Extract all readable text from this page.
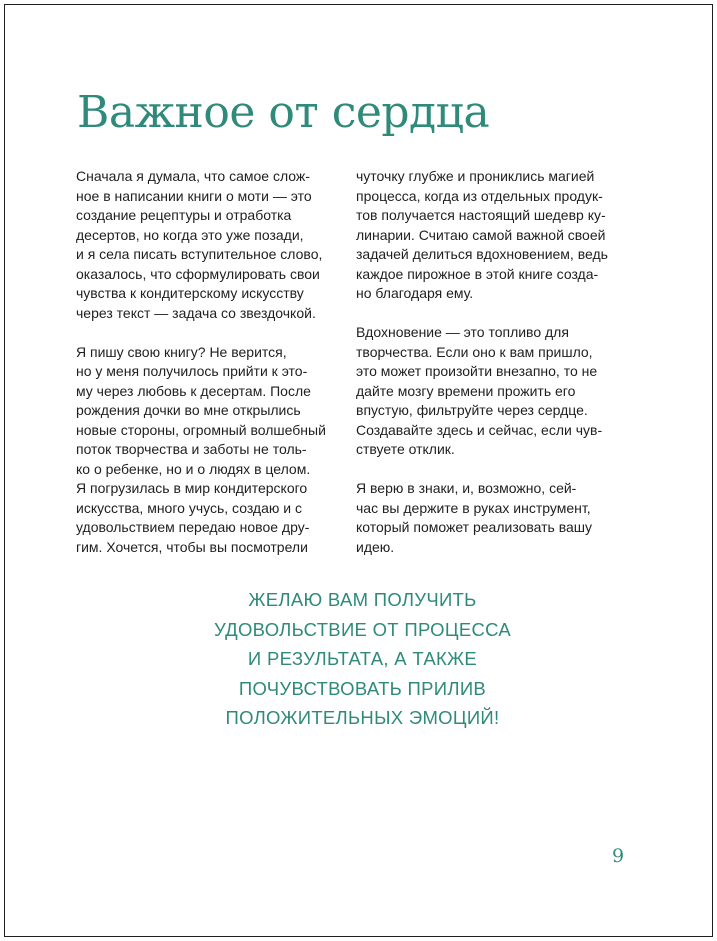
Важное от сердца

Сначала я думала, что самое слож-
ное в написании книги о моти — это
создание рецептуры и отработка
десертов, но когда это уже позади,
и я села писать вступительное слово,
оказалось, что сформулировать свои
чувства к кондитерскому искусству
через текст — задача со звездочкой.

Я пишу свою книгу? Не верится,
но у меня получилось прийти к это-
му через любовь к десертам. После
рождения дочки во мне открылись
новые стороны, огромный волшебный
поток творчества и заботы не толь-
ко о ребенке, но и о людях в целом.
Я погрузилась в мир кондитерского
искусства, много учусь, создаю и с
удовольствием передаю новое дру-
гим. Хочется, чтобы вы посмотрели

чуточку глубже и прониклись магией
процесса, когда из отдельных продук-
тов получается настоящий шедевр ку-
линарии. Считаю самой важной своей
задачей делиться вдохновением, ведь
каждое пирожное в этой книге созда-
но благодаря ему.

Вдохновение — это топливо для
творчества. Если оно к вам пришло,
это может произойти внезапно, то не
дайте мозгу времени прожить его
впустую, фильтруйте через сердце.
Создавайте здесь и сейчас, если чув-
ствуете отклик.

Я верю в знаки, и, возможно, сей-
час вы держите в руках инструмент,
который поможет реализовать вашу
идею.

ЖЕЛАЮ ВАМ ПОЛУЧИТЬ
УДОВОЛЬСТВИЕ ОТ ПРОЦЕССА
И РЕЗУЛЬТАТА, А ТАКЖЕ
ПОЧУВСТВОВАТЬ ПРИЛИВ
ПОЛОЖИТЕЛЬНЫХ ЭМОЦИЙ!
9
